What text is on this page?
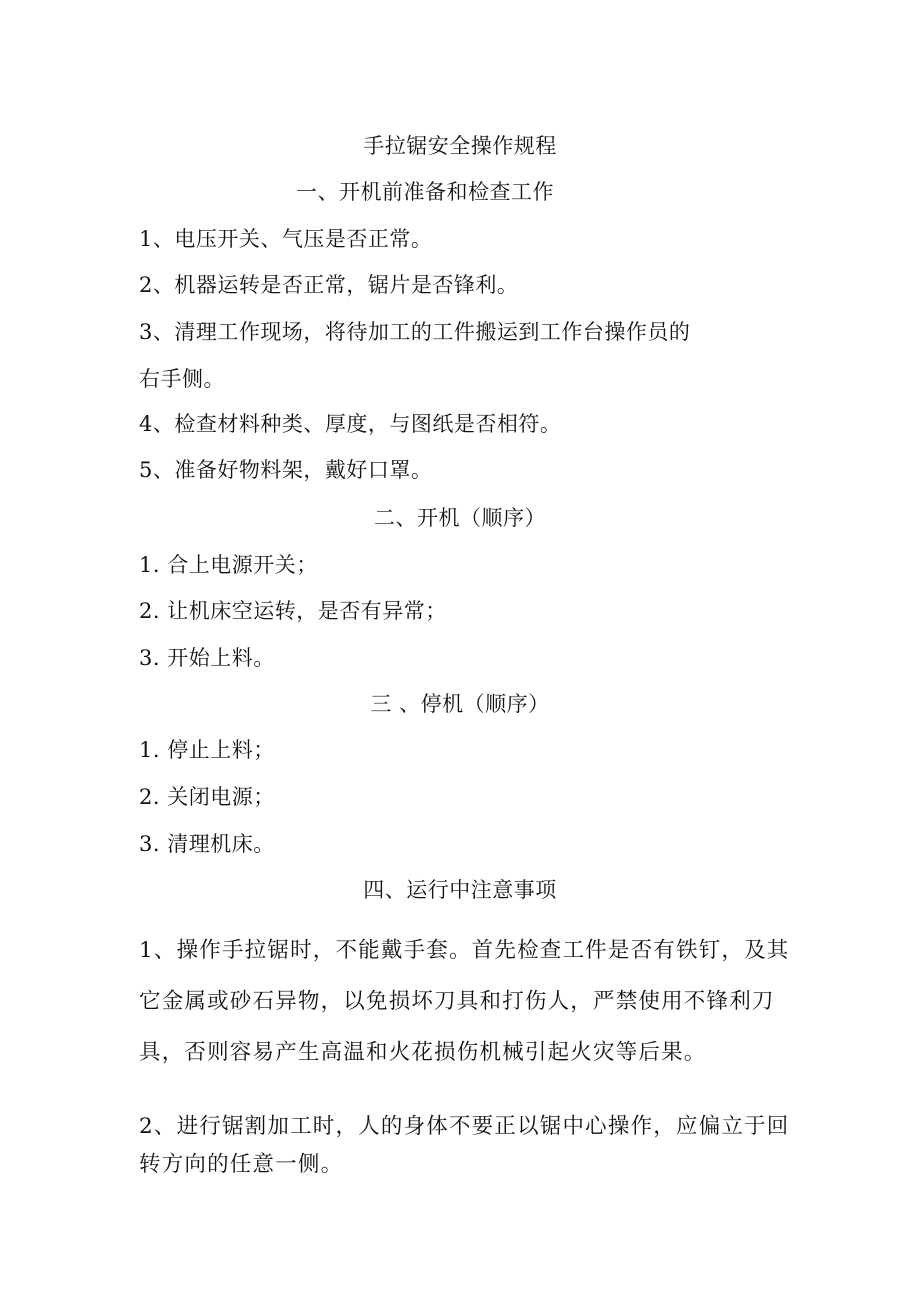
手拉锯安全操作规程
一、开机前准备和检查工作
1、电压开关、气压是否正常。
2、机器运转是否正常，锯片是否锋利。
3、清理工作现场，将待加工的工件搬运到工作台操作员的
右手侧。
4、检查材料种类、厚度，与图纸是否相符。
5、准备好物料架，戴好口罩。
二、开机（顺序）
1. 合上电源开关；
2. 让机床空运转，是否有异常；
3. 开始上料。
三 、停机（顺序）
1. 停止上料；
2. 关闭电源；
3. 清理机床。
四、运行中注意事项
1、操作手拉锯时，不能戴手套。首先检查工件是否有铁钉，及其
它金属或砂石异物，以免损坏刀具和打伤人，严禁使用不锋利刀
具，否则容易产生高温和火花损伤机械引起火灾等后果。
2、进行锯割加工时，人的身体不要正以锯中心操作，应偏立于回
转方向的任意一侧。
